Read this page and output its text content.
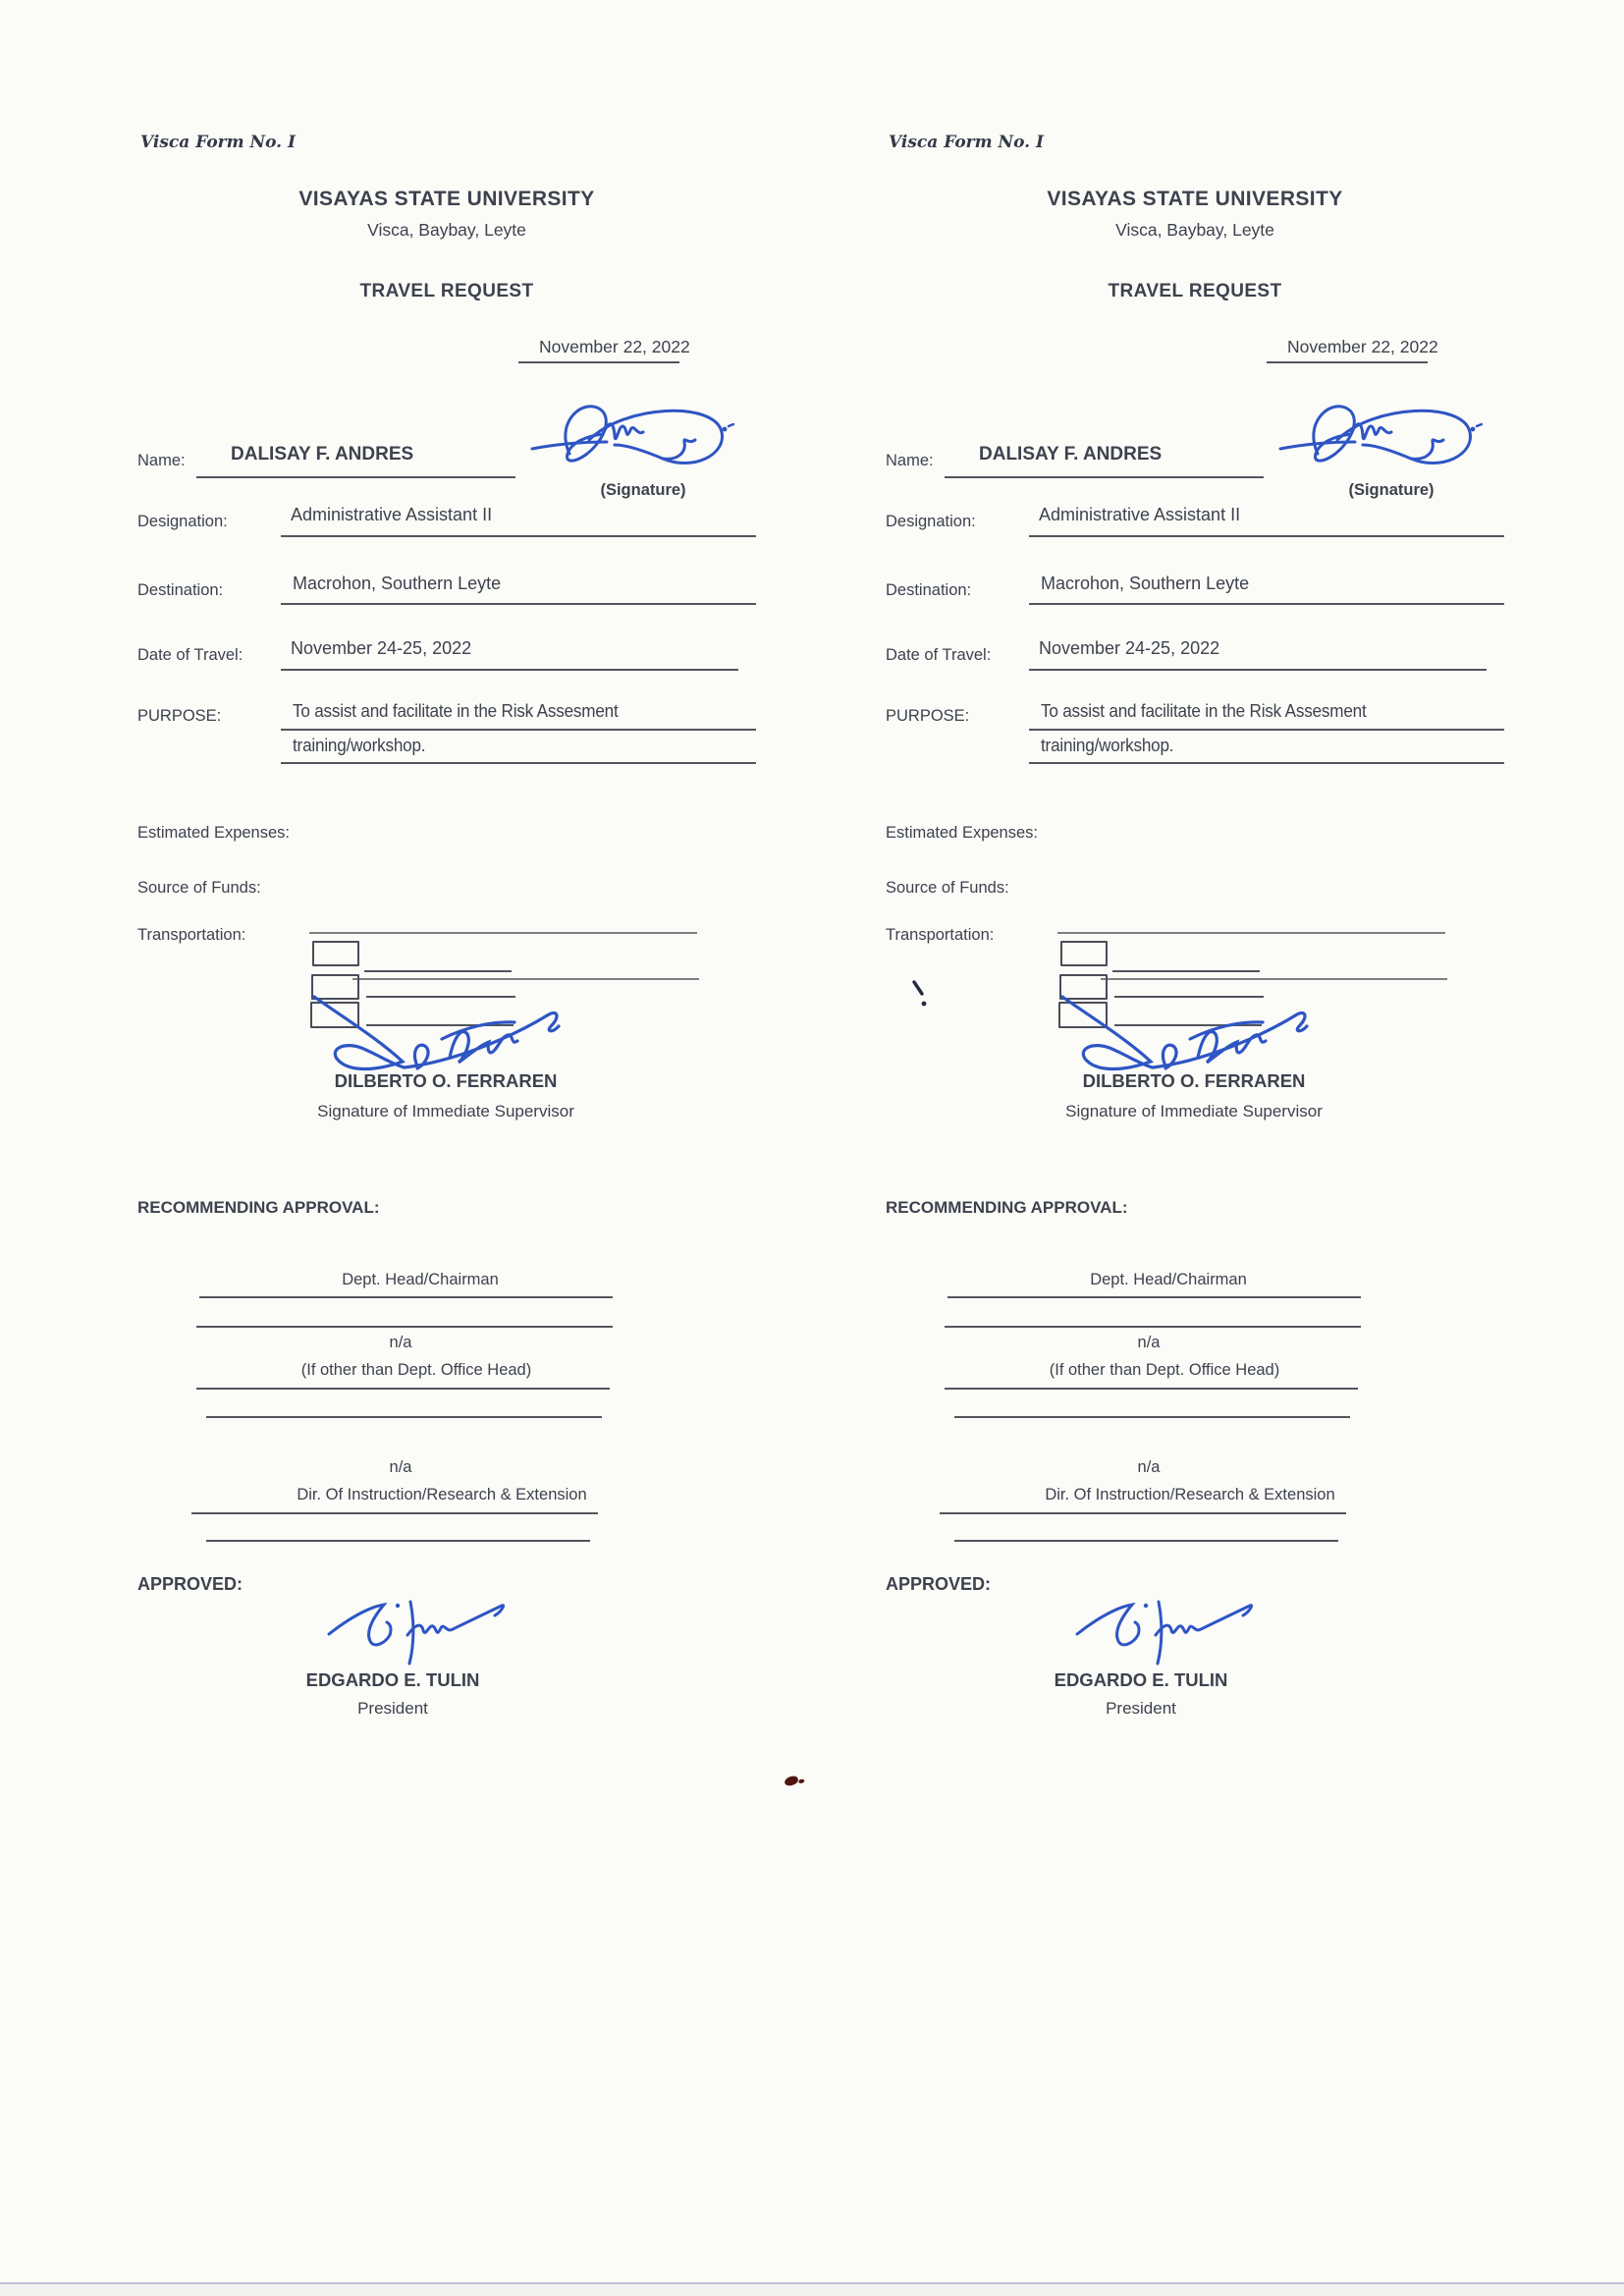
Visca Form No. I
VISAYAS STATE UNIVERSITY
Visca, Baybay, Leyte
TRAVEL REQUEST
November 22, 2022
Name: DALISAY F. ANDRES
(Signature)
Designation:	Administrative Assistant II
Destination:	Macrohon, Southern Leyte
Date of Travel:	November 24-25, 2022
PURPOSE:	To assist and facilitate in the Risk Assesment
training/workshop.
Estimated Expenses:
Source of Funds:
Transportation:
DILBERTO O. FERRAREN
Signature of Immediate Supervisor
RECOMMENDING APPROVAL:
Dept. Head/Chairman
n/a
(If other than Dept. Office Head)
n/a
Dir. Of Instruction/Research & Extension
APPROVED:
EDGARDO E. TULIN
President
Visca Form No. I
VISAYAS STATE UNIVERSITY
Visca, Baybay, Leyte
TRAVEL REQUEST
November 22, 2022
Name: DALISAY F. ANDRES
(Signature)
Designation:	Administrative Assistant II
Destination:	Macrohon, Southern Leyte
Date of Travel:	November 24-25, 2022
PURPOSE:	To assist and facilitate in the Risk Assesment
training/workshop.
Estimated Expenses:
Source of Funds:
Transportation:
DILBERTO O. FERRAREN
Signature of Immediate Supervisor
RECOMMENDING APPROVAL:
Dept. Head/Chairman
n/a
(If other than Dept. Office Head)
n/a
Dir. Of Instruction/Research & Extension
APPROVED:
EDGARDO E. TULIN
President
